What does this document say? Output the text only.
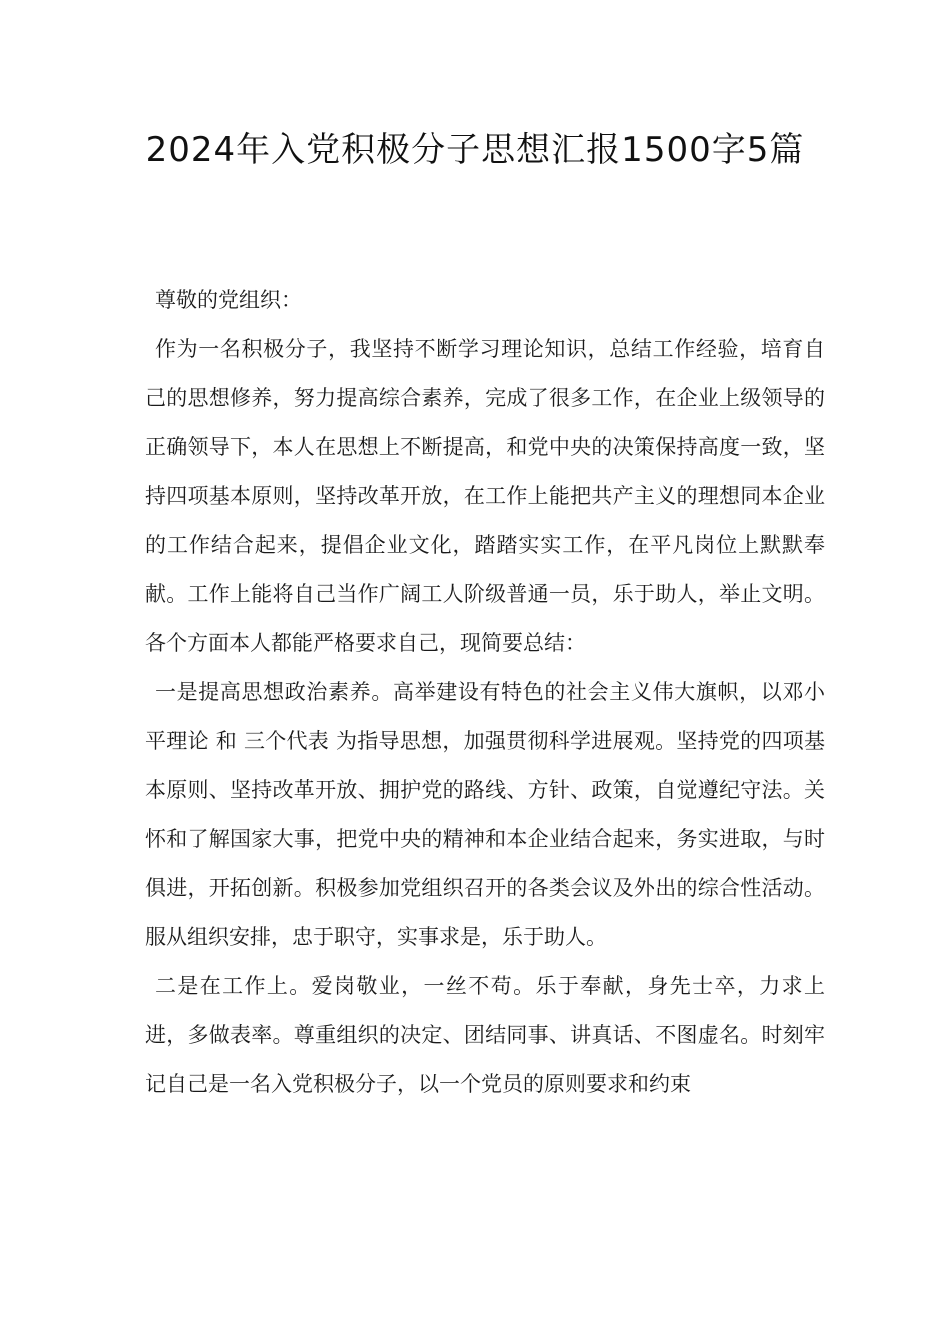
2024年入党积极分子思想汇报1500字5篇

尊敬的党组织：

作为一名积极分子，我坚持不断学习理论知识，总结工作经验，培育自己的思想修养，努力提高综合素养，完成了很多工作，在企业上级领导的正确领导下，本人在思想上不断提高，和党中央的决策保持高度一致，坚持四项基本原则，坚持改革开放，在工作上能把共产主义的理想同本企业的工作结合起来，提倡企业文化，踏踏实实工作，在平凡岗位上默默奉献。工作上能将自己当作广阔工人阶级普通一员，乐于助人，举止文明。各个方面本人都能严格要求自己，现简要总结：

一是提高思想政治素养。高举建设有特色的社会主义伟大旗帜，以邓小平理论 和 三个代表 为指导思想，加强贯彻科学进展观。坚持党的四项基本原则、坚持改革开放、拥护党的路线、方针、政策，自觉遵纪守法。关怀和了解国家大事，把党中央的精神和本企业结合起来，务实进取，与时俱进，开拓创新。积极参加党组织召开的各类会议及外出的综合性活动。服从组织安排，忠于职守，实事求是，乐于助人。

二是在工作上。爱岗敬业，一丝不苟。乐于奉献，身先士卒，力求上进，多做表率。尊重组织的决定、团结同事、讲真话、不图虚名。时刻牢记自己是一名入党积极分子，以一个党员的原则要求和约束
